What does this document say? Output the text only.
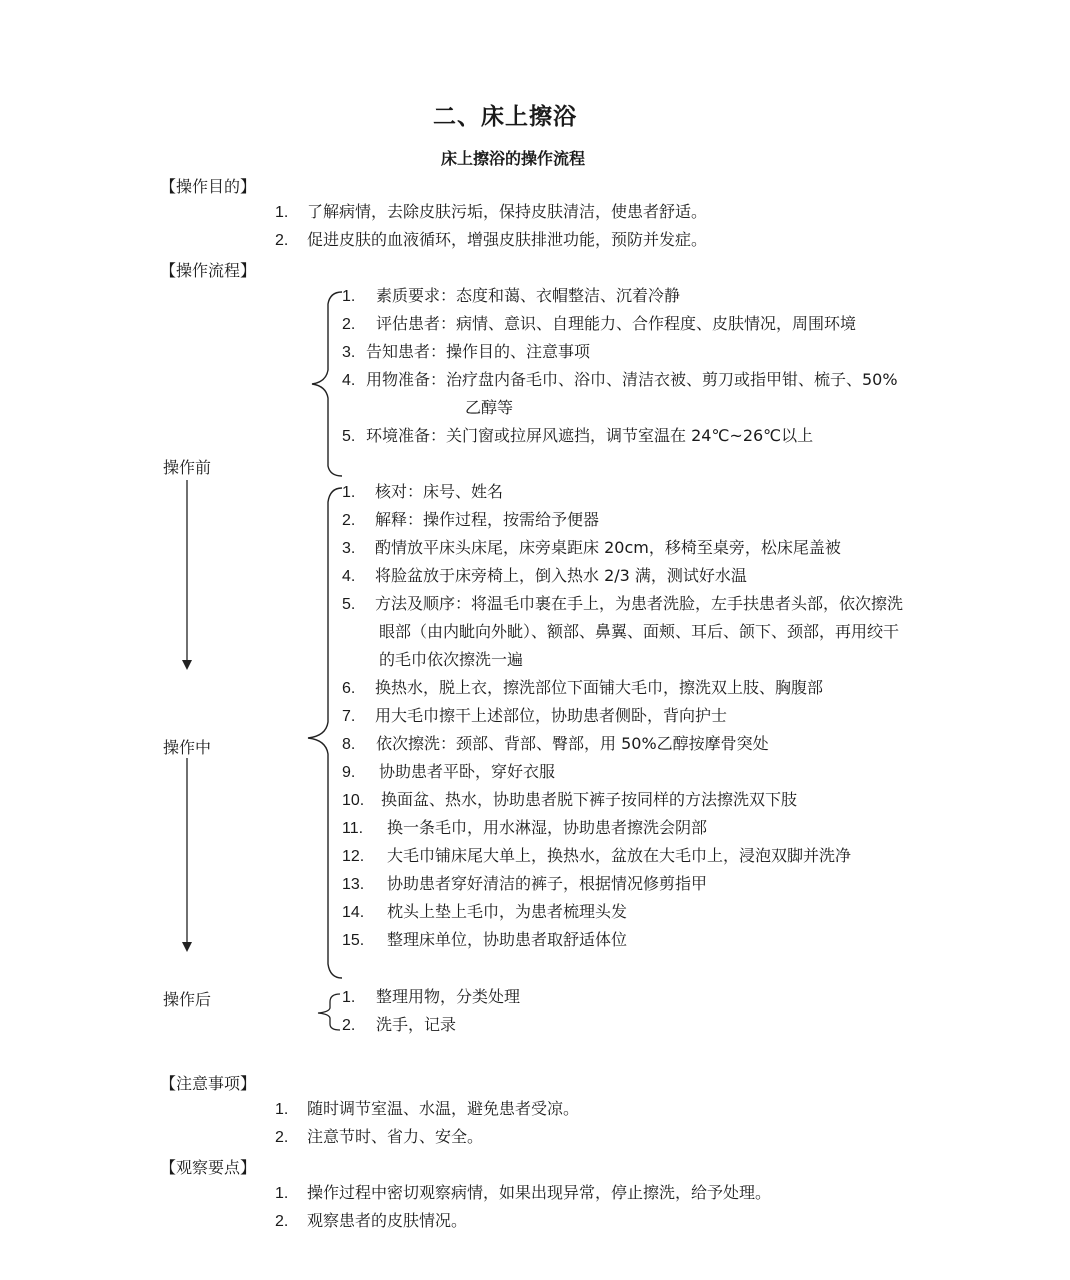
二、床上擦浴
床上擦浴的操作流程
【操作目的】
1. 了解病情，去除皮肤污垢，保持皮肤清洁，使患者舒适。
2. 促进皮肤的血液循环，增强皮肤排泄功能，预防并发症。
【操作流程】
操作前
操作中
操作后
1. 素质要求：态度和蔼、衣帽整洁、沉着冷静
2. 评估患者：病情、意识、自理能力、合作程度、皮肤情况，周围环境
3. 告知患者：操作目的、注意事项
4. 用物准备：治疗盘内备毛巾、浴巾、清洁衣被、剪刀或指甲钳、梳子、50%
乙醇等
5. 环境准备：关门窗或拉屏风遮挡，调节室温在 24℃~26℃以上
1. 核对：床号、姓名
2. 解释：操作过程，按需给予便器
3. 酌情放平床头床尾，床旁桌距床 20cm，移椅至桌旁，松床尾盖被
4. 将脸盆放于床旁椅上，倒入热水 2/3 满，测试好水温
5. 方法及顺序：将温毛巾裹在手上，为患者洗脸，左手扶患者头部，依次擦洗
眼部（由内眦向外眦）、额部、鼻翼、面颊、耳后、颌下、颈部，再用绞干
的毛巾依次擦洗一遍
6. 换热水，脱上衣，擦洗部位下面铺大毛巾，擦洗双上肢、胸腹部
7. 用大毛巾擦干上述部位，协助患者侧卧，背向护士
8. 依次擦洗：颈部、背部、臀部，用 50%乙醇按摩骨突处
9. 协助患者平卧，穿好衣服
10. 换面盆、热水，协助患者脱下裤子按同样的方法擦洗双下肢
11. 换一条毛巾，用水淋湿，协助患者擦洗会阴部
12. 大毛巾铺床尾大单上，换热水，盆放在大毛巾上，浸泡双脚并洗净
13. 协助患者穿好清洁的裤子，根据情况修剪指甲
14. 枕头上垫上毛巾，为患者梳理头发
15. 整理床单位，协助患者取舒适体位
1. 整理用物，分类处理
2. 洗手，记录
【注意事项】
1. 随时调节室温、水温，避免患者受凉。
2. 注意节时、省力、安全。
【观察要点】
1. 操作过程中密切观察病情，如果出现异常，停止擦洗，给予处理。
2. 观察患者的皮肤情况。
